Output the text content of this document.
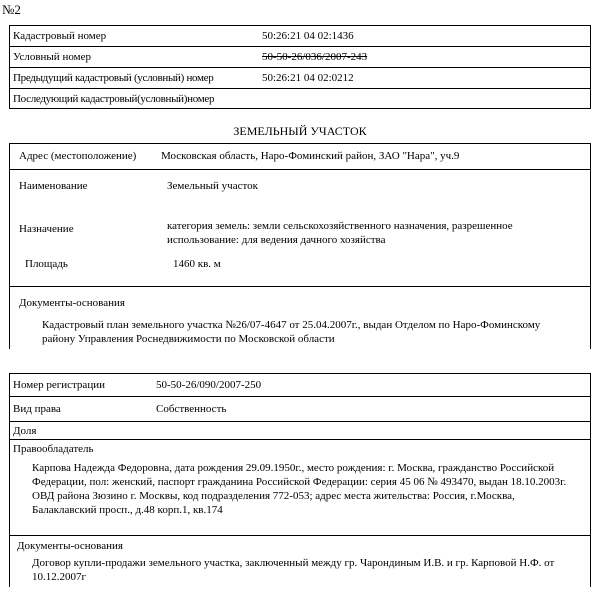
№2
Кадастровый номер	50:26:21 04 02:1436
Условный номер	50-50-26/036/2007-243
Предыдущий кадастровый (условный) номер	50:26:21 04 02:0212
Последующий кадастровый(условный)номер
ЗЕМЕЛЬНЫЙ УЧАСТОК
Адрес (местоположение) Московская область, Наро-Фоминский район, ЗАО "Нара", уч.9
Наименование	Земельный участок
Назначение	категория земель: земли сельскохозяйственного назначения, разрешенное использование: для ведения дачного хозяйства
Площадь	1460 кв. м
Документы-основания
Кадастровый план земельного участка №26/07-4647 от 25.04.2007г., выдан Отделом по Наро-Фоминскому району Управления Роснедвижимости по Московской области
Номер регистрации	50-50-26/090/2007-250
Вид права	Собственность
Доля
Правообладатель
Карпова Надежда Федоровна, дата рождения 29.09.1950г., место рождения: г. Москва, гражданство Российской Федерации, пол: женский, паспорт гражданина Российской Федерации: серия 45 06 № 493470, выдан 18.10.2003г. ОВД района Зюзино г. Москвы, код подразделения 772-053; адрес места жительства: Россия, г.Москва, Балаклавский просп., д.48 корп.1, кв.174
Документы-основания
Договор купли-продажи земельного участка, заключенный между гр. Чарондиным И.В. и гр. Карповой Н.Ф. от 10.12.2007г
